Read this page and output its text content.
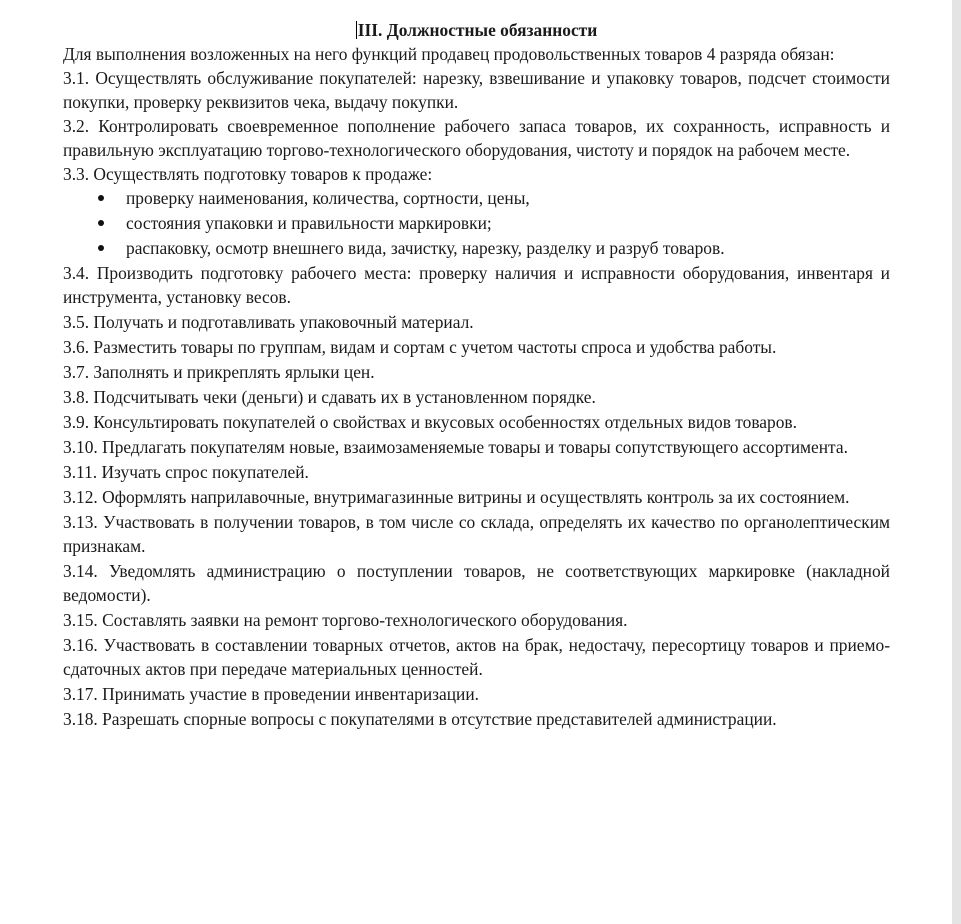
III. Должностные обязанности

Для выполнения возложенных на него функций продавец продовольственных товаров 4 разряда обязан:

3.1. Осуществлять обслуживание покупателей: нарезку, взвешивание и упаковку товаров, подсчет стоимости покупки, проверку реквизитов чека, выдачу покупки.

3.2. Контролировать своевременное пополнение рабочего запаса товаров, их сохранность, исправность и правильную эксплуатацию торгово-технологического оборудования, чистоту и порядок на рабочем месте.

3.3. Осуществлять подготовку товаров к продаже:

проверку наименования, количества, сортности, цены,
состояния упаковки и правильности маркировки;
распаковку, осмотр внешнего вида, зачистку, нарезку, разделку и разруб товаров.

3.4. Производить подготовку рабочего места: проверку наличия и исправности оборудования, инвентаря и инструмента, установку весов.

3.5. Получать и подготавливать упаковочный материал.

3.6. Разместить товары по группам, видам и сортам с учетом частоты спроса и удобства работы.

3.7. Заполнять и прикреплять ярлыки цен.

3.8. Подсчитывать чеки (деньги) и сдавать их в установленном порядке.

3.9. Консультировать покупателей о свойствах и вкусовых особенностях отдельных видов товаров.

3.10. Предлагать покупателям новые, взаимозаменяемые товары и товары сопутствующего ассортимента.

3.11. Изучать спрос покупателей.

3.12. Оформлять наприлавочные, внутримагазинные витрины и осуществлять контроль за их состоянием.

3.13. Участвовать в получении товаров, в том числе со склада, определять их качество по органолептическим признакам.

3.14. Уведомлять администрацию о поступлении товаров, не соответствующих маркировке (накладной ведомости).

3.15. Составлять заявки на ремонт торгово-технологического оборудования.

3.16. Участвовать в составлении товарных отчетов, актов на брак, недостачу, пересортицу товаров и приемо-сдаточных актов при передаче материальных ценностей.

3.17. Принимать участие в проведении инвентаризации.

3.18. Разрешать спорные вопросы с покупателями в отсутствие представителей администрации.
